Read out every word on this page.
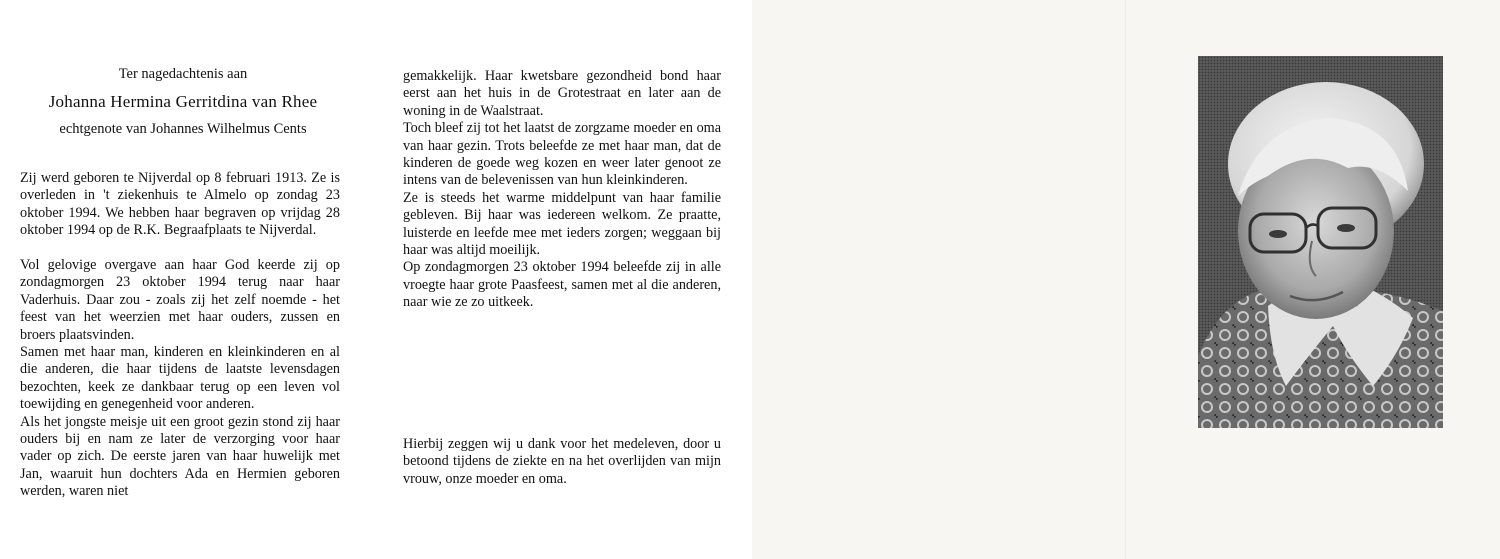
Ter nagedachtenis aan
Johanna Hermina Gerritdina van Rhee
echtgenote van Johannes Wilhelmus Cents

Zij werd geboren te Nijverdal op 8 februari 1913. Ze is overleden in 't ziekenhuis te Almelo op zondag 23 oktober 1994. We hebben haar begraven op vrijdag 28 oktober 1994 op de R.K. Begraafplaats te Nijverdal.

Vol gelovige overgave aan haar God keerde zij op zondagmorgen 23 oktober 1994 terug naar haar Vaderhuis. Daar zou - zoals zij het zelf noemde - het feest van het weerzien met haar ouders, zussen en broers plaatsvinden.

Samen met haar man, kinderen en kleinkinderen en al die anderen, die haar tijdens de laatste levensdagen bezochten, keek ze dankbaar terug op een leven vol toewijding en genegenheid voor anderen.

Als het jongste meisje uit een groot gezin stond zij haar ouders bij en nam ze later de verzorging voor haar vader op zich. De eerste jaren van haar huwelijk met Jan, waaruit hun dochters Ada en Hermien geboren werden, waren niet

gemakkelijk. Haar kwetsbare gezondheid bond haar eerst aan het huis in de Grotestraat en later aan de woning in de Waalstraat.

Toch bleef zij tot het laatst de zorgzame moeder en oma van haar gezin. Trots beleefde ze met haar man, dat de kinderen de goede weg kozen en weer later genoot ze intens van de belevenissen van hun kleinkinderen.

Ze is steeds het warme middelpunt van haar familie gebleven. Bij haar was iedereen welkom. Ze praatte, luisterde en leefde mee met ieders zorgen; weggaan bij haar was altijd moeilijk.

Op zondagmorgen 23 oktober 1994 beleefde zij in alle vroegte haar grote Paasfeest, samen met al die anderen, naar wie ze zo uitkeek.

Hierbij zeggen wij u dank voor het medeleven, door u betoond tijdens de ziekte en na het overlijden van mijn vrouw, onze moeder en oma.
